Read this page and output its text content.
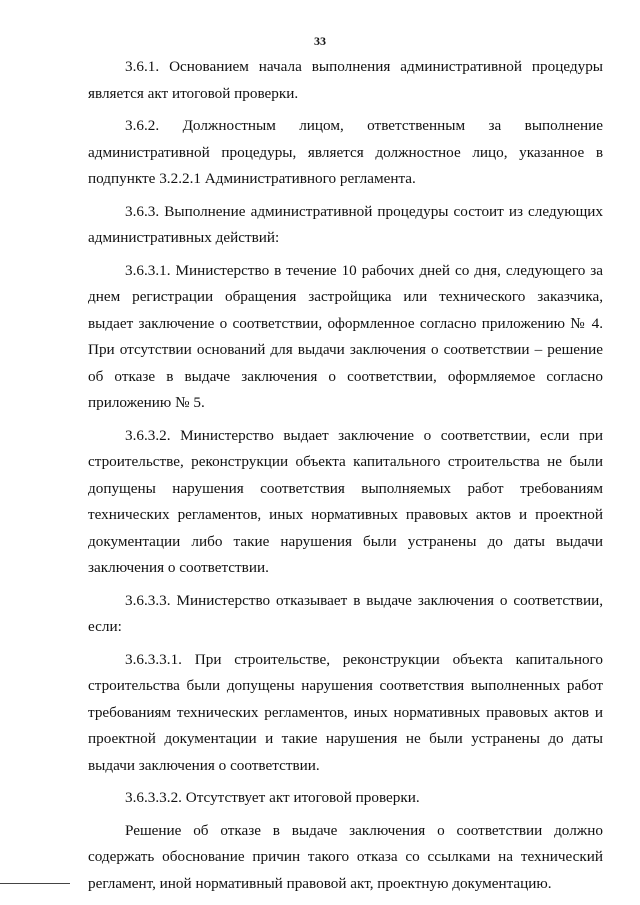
33

3.6.1. Основанием начала выполнения административной процедуры является акт итоговой проверки.

3.6.2. Должностным лицом, ответственным за выполнение административной процедуры, является должностное лицо, указанное в подпункте 3.2.2.1 Административного регламента.

3.6.3. Выполнение административной процедуры состоит из следующих административных действий:

3.6.3.1. Министерство в течение 10 рабочих дней со дня, следующего за днем регистрации обращения застройщика или технического заказчика, выдает заключение о соответствии, оформленное согласно приложению № 4. При отсутствии оснований для выдачи заключения о соответствии – решение об отказе в выдаче заключения о соответствии, оформляемое согласно приложению № 5.

3.6.3.2. Министерство выдает заключение о соответствии, если при строительстве, реконструкции объекта капитального строительства не были допущены нарушения соответствия выполняемых работ требованиям технических регламентов, иных нормативных правовых актов и проектной документации либо такие нарушения были устранены до даты выдачи заключения о соответствии.

3.6.3.3. Министерство отказывает в выдаче заключения о соответствии, если:

3.6.3.3.1. При строительстве, реконструкции объекта капитального строительства были допущены нарушения соответствия выполненных работ требованиям технических регламентов, иных нормативных правовых актов и проектной документации и такие нарушения не были устранены до даты выдачи заключения о соответствии.

3.6.3.3.2. Отсутствует акт итоговой проверки.

Решение об отказе в выдаче заключения о соответствии должно содержать обоснование причин такого отказа со ссылками на технический регламент, иной нормативный правовой акт, проектную документацию.
